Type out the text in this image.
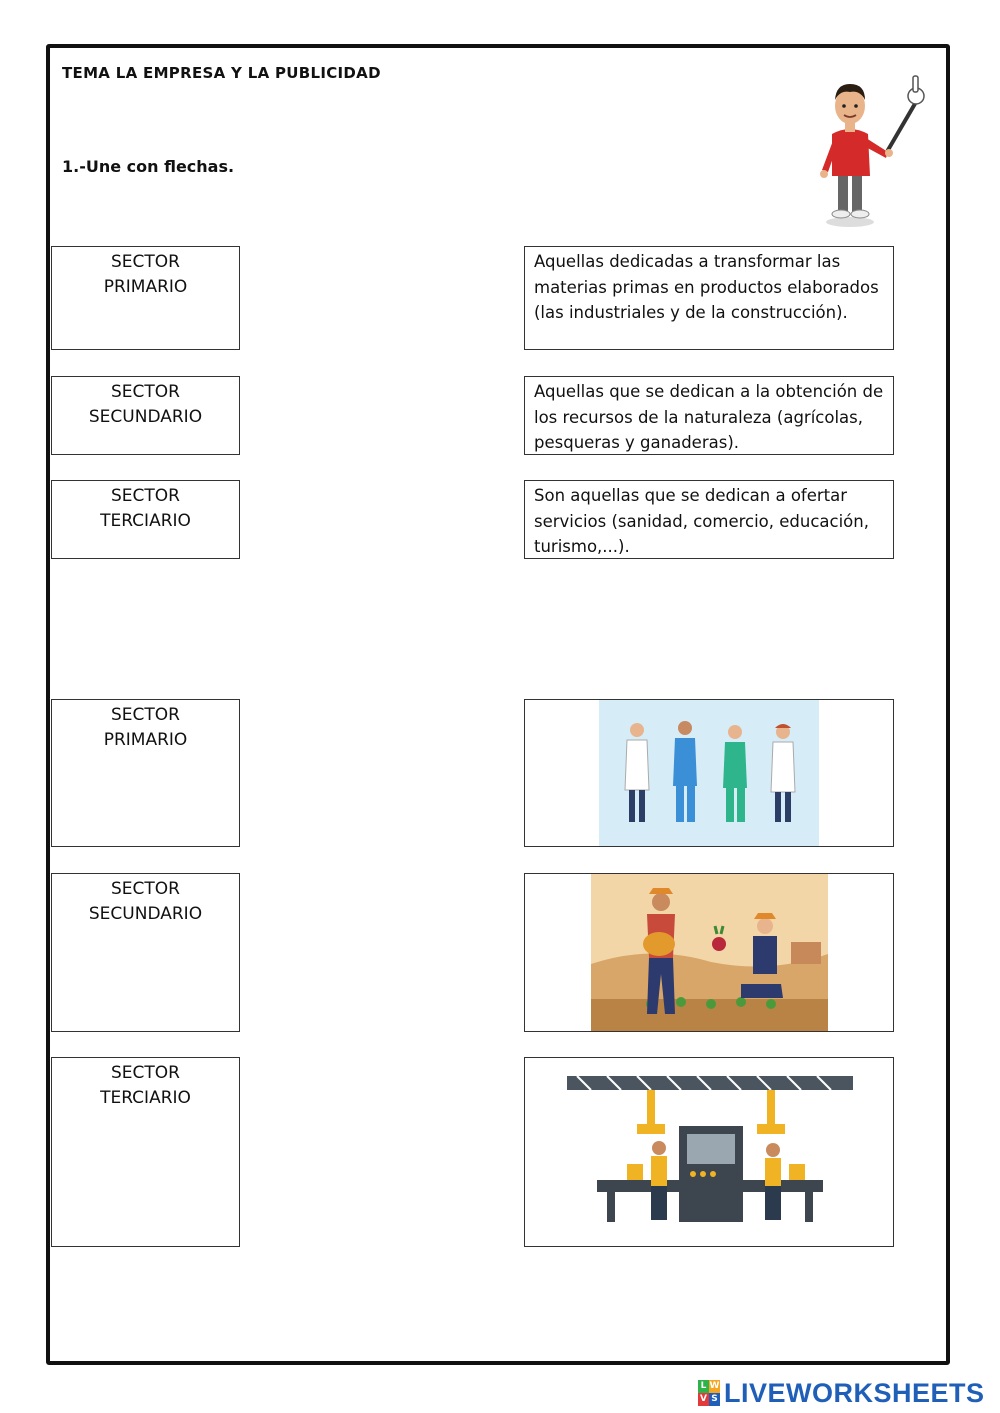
TEMA LA EMPRESA Y LA PUBLICIDAD
1.-Une con flechas.
SECTOR
PRIMARIO
SECTOR
SECUNDARIO
SECTOR
TERCIARIO
Aquellas dedicadas a transformar las materias primas en productos elaborados (las industriales y de la construcción).
Aquellas que se dedican a la obtención de los recursos de la naturaleza (agrícolas, pesqueras y ganaderas).
Son aquellas que se dedican a ofertar servicios (sanidad, comercio, educación, turismo,...).
SECTOR
PRIMARIO
SECTOR
SECUNDARIO
SECTOR
TERCIARIO
L W
V S LIVEWORKSHEETS
